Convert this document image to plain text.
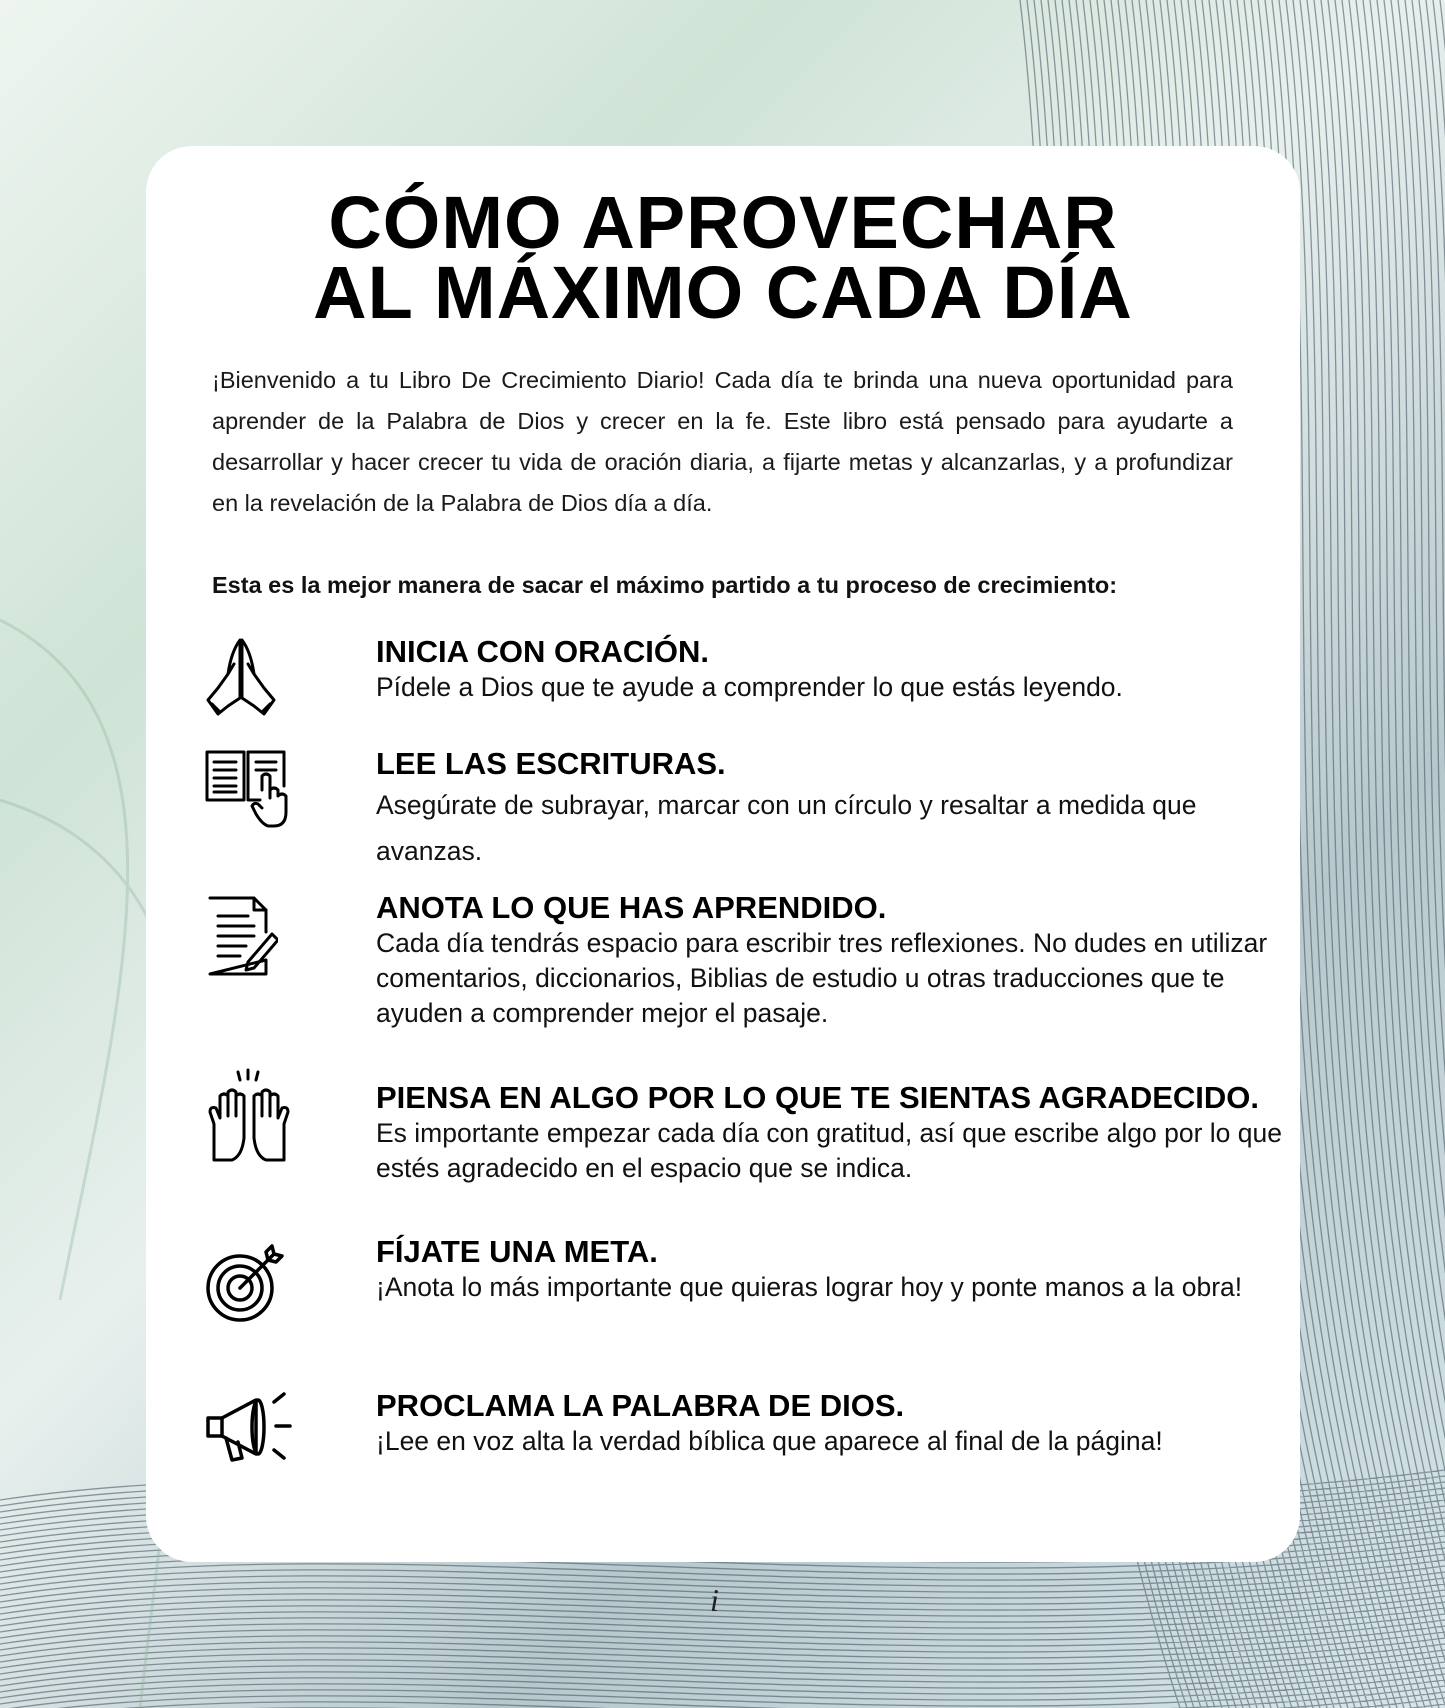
CÓMO APROVECHAR
AL MÁXIMO CADA DÍA

¡Bienvenido a tu Libro De Crecimiento Diario! Cada día te brinda una nueva oportunidad para aprender de la Palabra de Dios y crecer en la fe. Este libro está pensado para ayudarte a desarrollar y hacer crecer tu vida de oración diaria, a fijarte metas y alcanzarlas, y a profundizar en la revelación de la Palabra de Dios día a día.

Esta es la mejor manera de sacar el máximo partido a tu proceso de crecimiento:

INICIA CON ORACIÓN.

Pídele a Dios que te ayude a comprender lo que estás leyendo.

LEE LAS ESCRITURAS.

Asegúrate de subrayar, marcar con un círculo y resaltar a medida que avanzas.

ANOTA LO QUE HAS APRENDIDO.

Cada día tendrás espacio para escribir tres reflexiones. No dudes en utilizar comentarios, diccionarios, Biblias de estudio u otras traducciones que te ayuden a comprender mejor el pasaje.

PIENSA EN ALGO POR LO QUE TE SIENTAS AGRADECIDO.

Es importante empezar cada día con gratitud, así que escribe algo por lo que estés agradecido en el espacio que se indica.

FÍJATE UNA META.

¡Anota lo más importante que quieras lograr hoy y ponte manos a la obra!

PROCLAMA LA PALABRA DE DIOS.

¡Lee en voz alta la verdad bíblica que aparece al final de la página!

i
